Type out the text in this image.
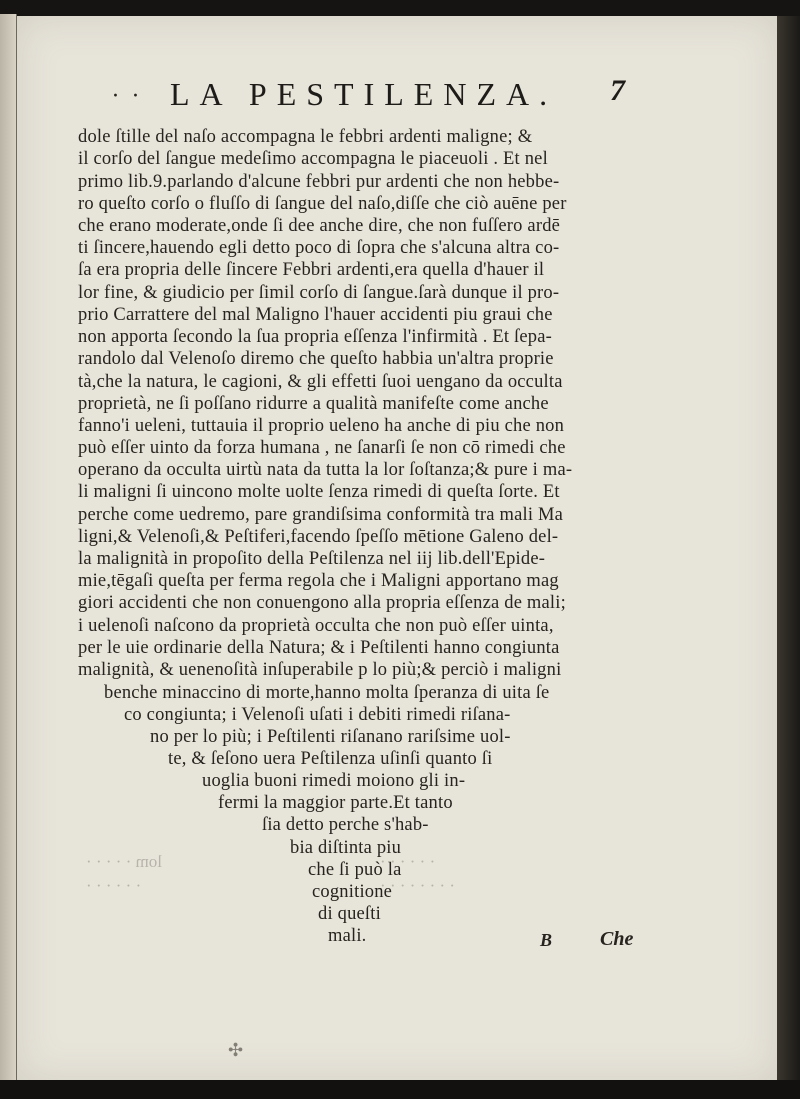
· · LA PESTILENZA. 7
dole ſtille del naſo accompagna le febbri ardenti maligne; &
il corſo del ſangue medeſimo accompagna le piaceuoli . Et nel
primo lib.9.parlando d'alcune febbri pur ardenti che non hebbe-
ro queſto corſo o fluſſo di ſangue del naſo,diſſe che ciò auēne per
che erano moderate,onde ſi dee anche dire, che non fuſſero ardē
ti ſincere,hauendo egli detto poco di ſopra che s'alcuna altra co-
ſa era propria delle ſincere Febbri ardenti,era quella d'hauer il
lor fine, & giudicio per ſimil corſo di ſangue.ſarà dunque il pro-
prio Carrattere del mal Maligno l'hauer accidenti piu graui che
non apporta ſecondo la ſua propria eſſenza l'infirmità . Et ſepa-
randolo dal Velenoſo diremo che queſto habbia un'altra proprie
tà,che la natura, le cagioni, & gli effetti ſuoi uengano da occulta
proprietà, ne ſi poſſano ridurre a qualità manifeſte come anche
fanno'i ueleni, tuttauia il proprio ueleno ha anche di piu che non
può eſſer uinto da forza humana , ne ſanarſi ſe non cō rimedi che
operano da occulta uirtù nata da tutta la lor ſoſtanza;& pure i ma-
li maligni ſi uincono molte uolte ſenza rimedi di queſta ſorte. Et
perche come uedremo, pare grandiſsima conformità tra mali Ma
ligni,& Velenoſi,& Peſtiferi,facendo ſpeſſo mētione Galeno del-
la malignità in propoſito della Peſtilenza nel iij lib.dell'Epide-
mie,tēgaſi queſta per ferma regola che i Maligni apportano mag
giori accidenti che non conuengono alla propria eſſenza de mali;
i uelenoſi naſcono da proprietà occulta che non può eſſer uinta,
per le uie ordinarie della Natura; & i Peſtilenti hanno congiunta
malignità, & uenenoſità inſuperabile p lo più;& perciò i maligni
benche minaccino di morte,hanno molta ſperanza di uita ſe
co congiunta; i Velenoſi uſati i debiti rimedi riſana-
no per lo più; i Peſtilenti riſanano rariſsime uol-
te, & ſeſono uera Peſtilenza uſinſi quanto ſi
uoglia buoni rimedi moiono gli in-
fermi la maggior parte.Et tanto
ſia detto perche s'hab-
bia diſtinta piu
che ſi può la
cognitione
di queſti
mali.
lom · · · · ·
· · · · · ·
· · · · · ·
· · · · · · · ·
B Che
✣
